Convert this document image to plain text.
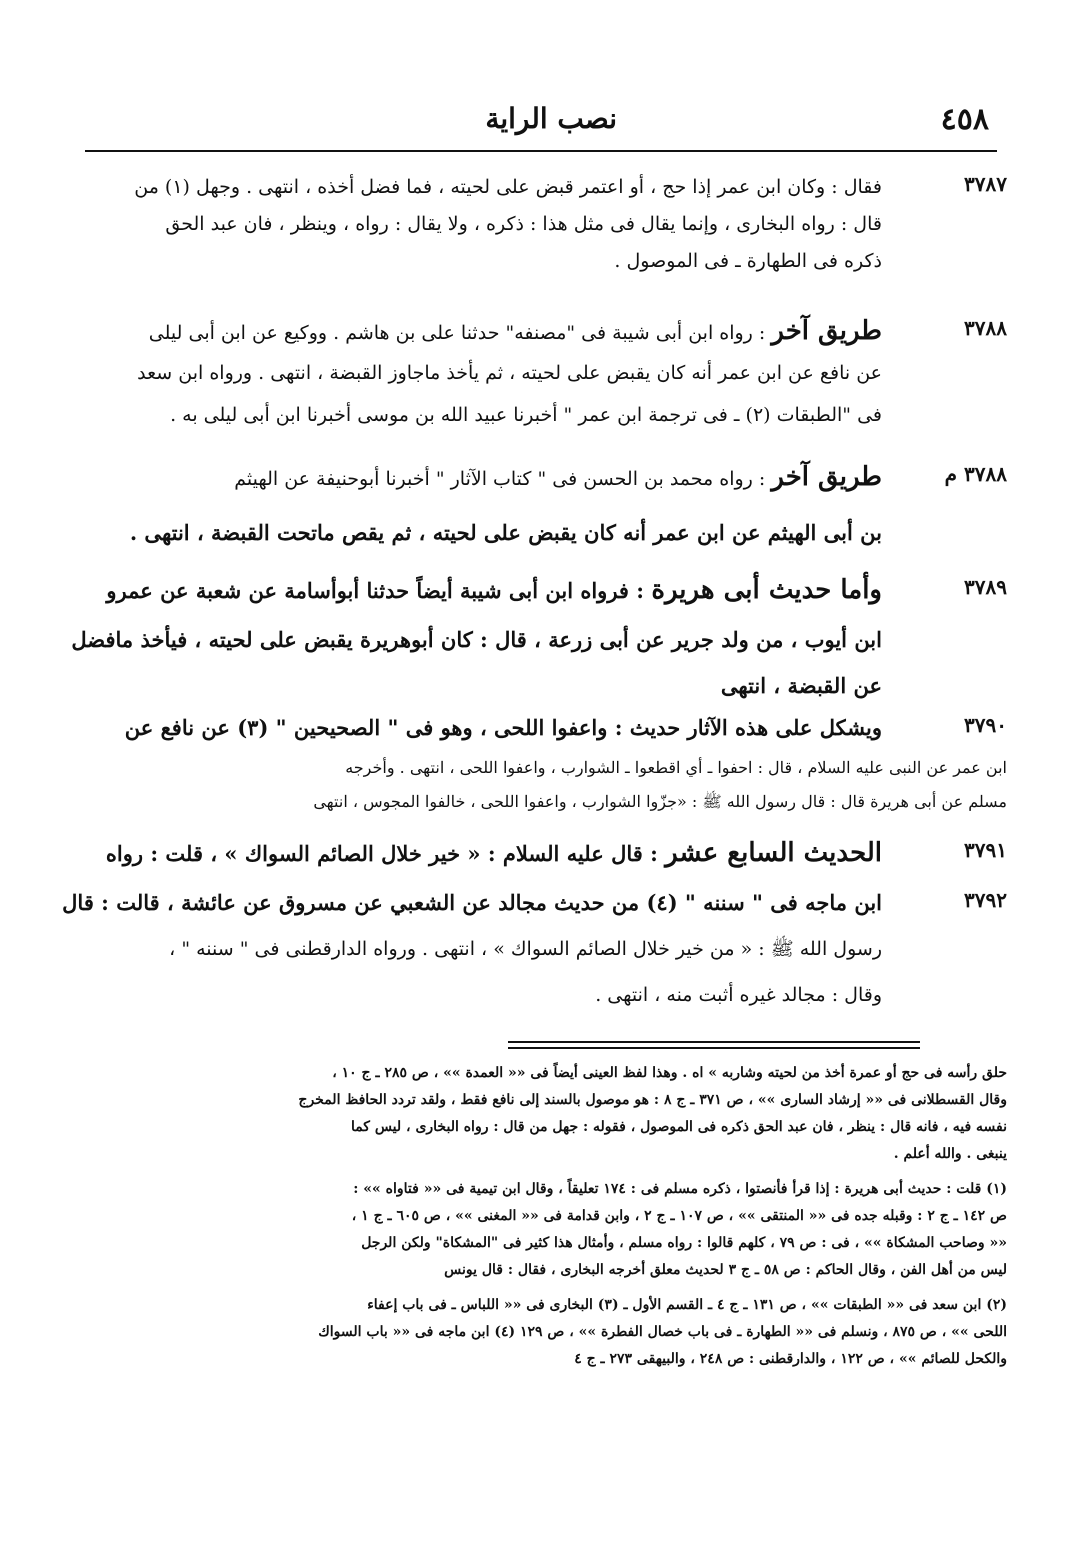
٤٥٨
نصب الراية
٣٧٨٧
فقال : وكان ابن عمر إذا حج ، أو اعتمر قبض على لحيته ، فما فضل أخذه ، انتهى . وجهل (١) من
قال : رواه البخارى ، وإنما يقال فى مثل هذا : ذكره ، ولا يقال : رواه ، وينظر ، فان عبد الحق
ذكره فى الطهارة ـ فى الموصول .
٣٧٨٨
طريق آخر : رواه ابن أبى شيبة فى "مصنفه" حدثنا على بن هاشم . ووكيع عن ابن أبى ليلى
عن نافع عن ابن عمر أنه كان يقبض على لحيته ، ثم يأخذ ماجاوز القبضة ، انتهى . ورواه ابن سعد
فى "الطبقات (٢) ـ فى ترجمة ابن عمر " أخبرنا عبيد الله بن موسى أخبرنا ابن أبى ليلى به .
٣٧٨٨ م
طريق آخر : رواه محمد بن الحسن فى " كتاب الآثار " أخبرنا أبوحنيفة عن الهيثم
بن أبى الهيثم عن ابن عمر أنه كان يقبض على لحيته ، ثم يقص ماتحت القبضة ، انتهى .
٣٧٨٩
وأما حديث أبى هريرة : فرواه ابن أبى شيبة أيضاً حدثنا أبوأسامة عن شعبة عن عمرو
ابن أيوب ، من ولد جرير عن أبى زرعة ، قال : كان أبوهريرة يقبض على لحيته ، فيأخذ مافضل
عن القبضة ، انتهى
٣٧٩٠
ويشكل على هذه الآثار حديث : واعفوا اللحى ، وهو فى " الصحيحين " (٣) عن نافع عن
ابن عمر عن النبى عليه السلام ، قال : احفوا ـ أي اقطعوا ـ الشوارب ، واعفوا اللحى ، انتهى . وأخرجه
مسلم عن أبى هريرة قال : قال رسول الله ﷺ : «جزّوا الشوارب ، واعفوا اللحى ، خالفوا المجوس ، انتهى
٣٧٩١
الحديث السابع عشر : قال عليه السلام : « خير خلال الصائم السواك » ، قلت : رواه
٣٧٩٢
ابن ماجه فى " سننه " (٤) من حديث مجالد عن الشعبي عن مسروق عن عائشة ، قالت : قال
رسول الله ﷺ : « من خير خلال الصائم السواك » ، انتهى . ورواه الدارقطنى فى " سننه " ،
وقال : مجالد غيره أثبت منه ، انتهى .
حلق رأسه فى حج أو عمرة أخذ من لحيته وشاربه » اه . وهذا لفظ العينى أيضاً فى «« العمدة »» ، ص ٢٨٥ ـ ج ١٠ ،
وقال القسطلانى فى «« إرشاد السارى »» ، ص ٣٧١ ـ ج ٨ : هو موصول بالسند إلى نافع فقط ، ولقد تردد الحافظ المخرج
نفسه فيه ، فانه قال : ينظر ، فان عبد الحق ذكره فى الموصول ، فقوله : جهل من قال : رواه البخارى ، ليس كما
ينبغى . والله أعلم .
(١) قلت : حديث أبى هريرة : إذا قرأ فأنصتوا ، ذكره مسلم فى : ١٧٤ تعليقاً ، وقال ابن تيمية فى «« فتاواه »» :
ص ١٤٢ ـ ج ٢ : وقبله جده فى «« المنتقى »» ، ص ١٠٧ ـ ج ٢ ، وابن قدامة فى «« المغنى »» ، ص ٦٠٥ ـ ج ١ ،
«« وصاحب المشكاة »» ، فى : ص ٧٩ ، كلهم قالوا : رواه مسلم ، وأمثال هذا كثير فى "المشكاة" ولكن الرجل
ليس من أهل الفن ، وقال الحاكم : ص ٥٨ ـ ج ٣ لحديث معلق أخرجه البخارى ، فقال : قال يونس
(٢) ابن سعد فى «« الطبقات »» ، ص ١٣١ ـ ج ٤ ـ القسم الأول ـ (٣) البخارى فى «« اللباس ـ فى باب إعفاء
اللحى »» ، ص ٨٧٥ ، ونسلم فى «« الطهارة ـ فى باب خصال الفطرة »» ، ص ١٢٩ (٤) ابن ماجه فى «« باب السواك
والكحل للصائم »» ، ص ١٢٢ ، والدارقطنى : ص ٢٤٨ ، والبيهقى ٢٧٣ ـ ج ٤
